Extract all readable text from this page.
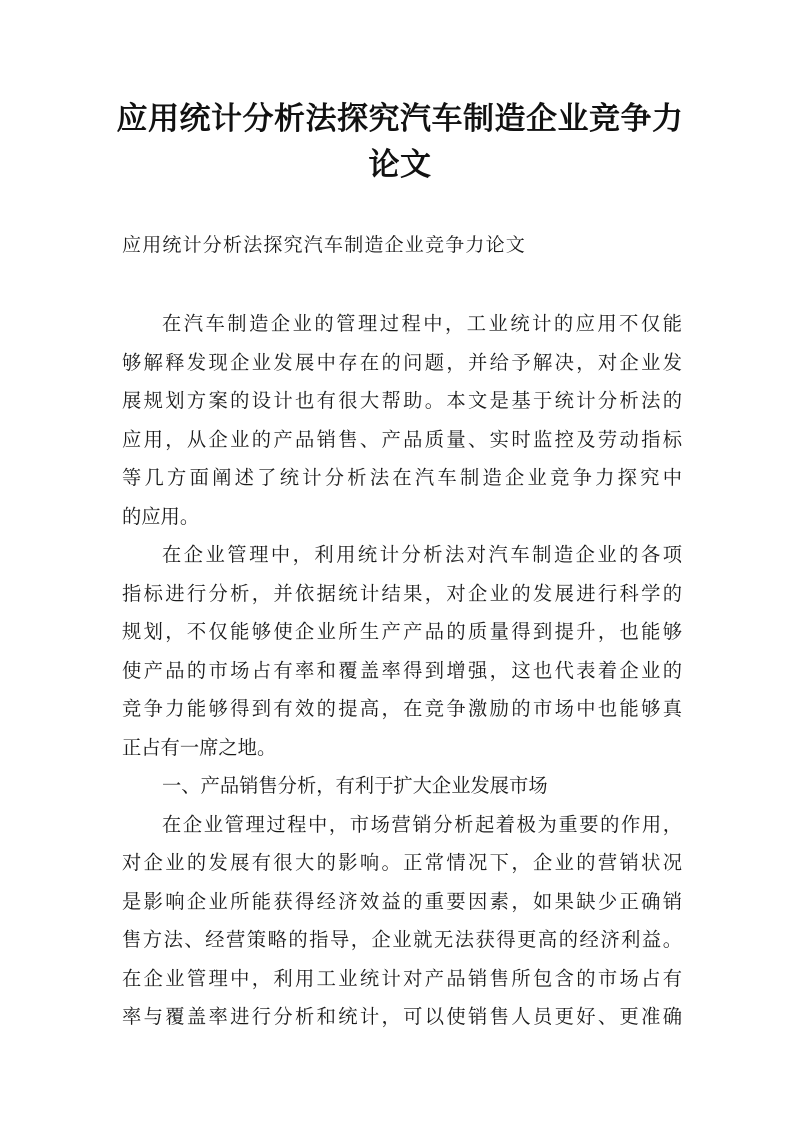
应用统计分析法探究汽车制造企业竞争力
论文

应用统计分析法探究汽车制造企业竞争力论文

在汽车制造企业的管理过程中，工业统计的应用不仅能
够解释发现企业发展中存在的问题，并给予解决，对企业发
展规划方案的设计也有很大帮助。本文是基于统计分析法的
应用，从企业的产品销售、产品质量、实时监控及劳动指标
等几方面阐述了统计分析法在汽车制造企业竞争力探究中
的应用。
在企业管理中，利用统计分析法对汽车制造企业的各项
指标进行分析，并依据统计结果，对企业的发展进行科学的
规划，不仅能够使企业所生产产品的质量得到提升，也能够
使产品的市场占有率和覆盖率得到增强，这也代表着企业的
竞争力能够得到有效的提高，在竞争激励的市场中也能够真
正占有一席之地。
一、产品销售分析，有利于扩大企业发展市场
在企业管理过程中，市场营销分析起着极为重要的作用，
对企业的发展有很大的影响。正常情况下，企业的营销状况
是影响企业所能获得经济效益的重要因素，如果缺少正确销
售方法、经营策略的指导，企业就无法获得更高的经济利益。
在企业管理中，利用工业统计对产品销售所包含的市场占有
率与覆盖率进行分析和统计，可以使销售人员更好、更准确
